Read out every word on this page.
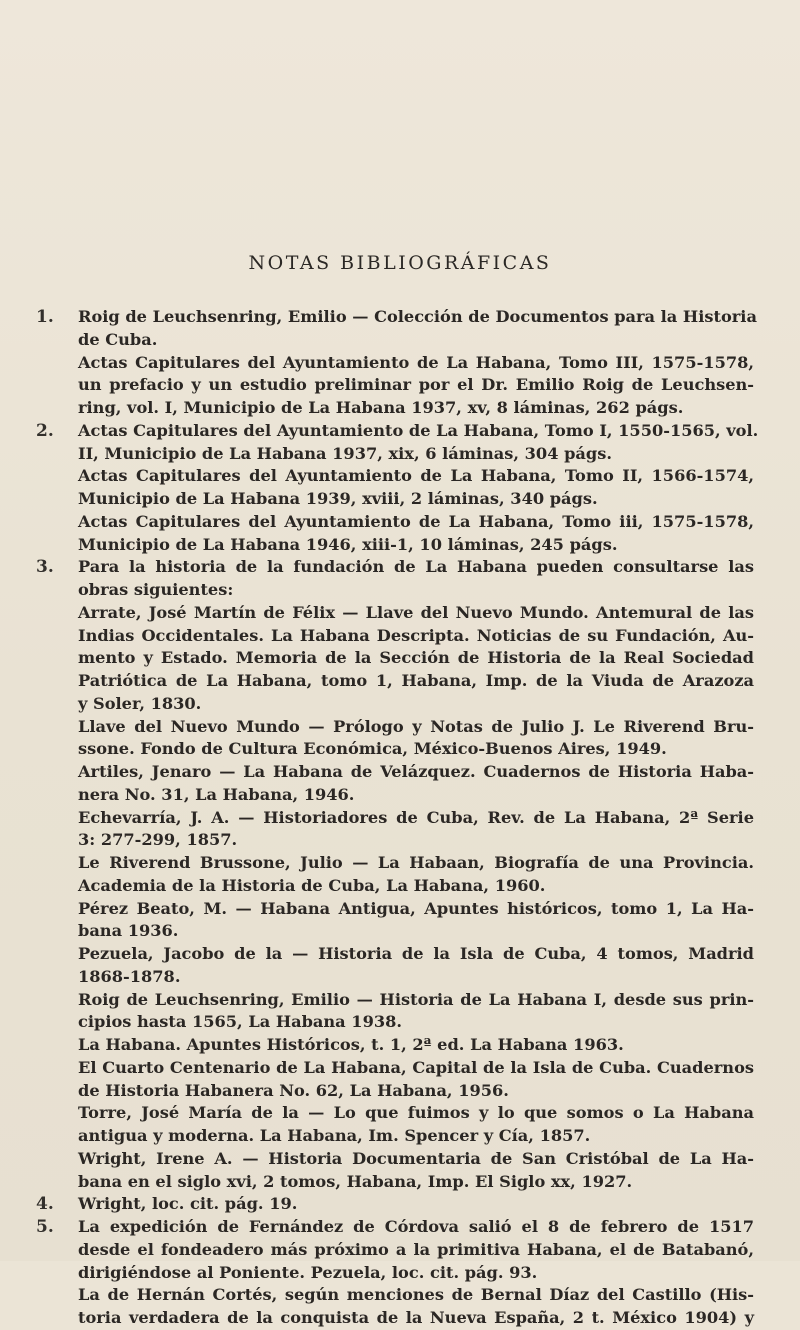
NOTAS BIBLIOGRÁFICAS
1.	Roig de Leuchsenring, Emilio — Colección de Documentos para la Historia
de Cuba.
Actas Capitulares del Ayuntamiento de La Habana, Tomo III, 1575-1578,
un prefacio y un estudio preliminar por el Dr. Emilio Roig de Leuchsen-
ring, vol. I, Municipio de La Habana 1937, xv, 8 láminas, 262 págs.
2.	Actas Capitulares del Ayuntamiento de La Habana, Tomo I, 1550-1565, vol.
II, Municipio de La Habana 1937, xix, 6 láminas, 304 págs.
Actas Capitulares del Ayuntamiento de La Habana, Tomo II, 1566-1574,
Municipio de La Habana 1939, xviii, 2 láminas, 340 págs.
Actas Capitulares del Ayuntamiento de La Habana, Tomo iii, 1575-1578,
Municipio de La Habana 1946, xiii-1, 10 láminas, 245 págs.
3.	Para la historia de la fundación de La Habana pueden consultarse las
obras siguientes:
Arrate, José Martín de Félix — Llave del Nuevo Mundo. Antemural de las
Indias Occidentales. La Habana Descripta. Noticias de su Fundación, Au-
mento y Estado. Memoria de la Sección de Historia de la Real Sociedad
Patriótica de La Habana, tomo 1, Habana, Imp. de la Viuda de Arazoza
y Soler, 1830.
Llave del Nuevo Mundo — Prólogo y Notas de Julio J. Le Riverend Bru-
ssone. Fondo de Cultura Económica, México-Buenos Aires, 1949.
Artiles, Jenaro — La Habana de Velázquez. Cuadernos de Historia Haba-
nera No. 31, La Habana, 1946.
Echevarría, J. A. — Historiadores de Cuba, Rev. de La Habana, 2ª Serie
3: 277-299, 1857.
Le Riverend Brussone, Julio — La Habaan, Biografía de una Provincia.
Academia de la Historia de Cuba, La Habana, 1960.
Pérez Beato, M. — Habana Antigua, Apuntes históricos, tomo 1, La Ha-
bana 1936.
Pezuela, Jacobo de la — Historia de la Isla de Cuba, 4 tomos, Madrid
1868-1878.
Roig de Leuchsenring, Emilio — Historia de La Habana I, desde sus prin-
cipios hasta 1565, La Habana 1938.
La Habana. Apuntes Históricos, t. 1, 2ª ed. La Habana 1963.
El Cuarto Centenario de La Habana, Capital de la Isla de Cuba. Cuadernos
de Historia Habanera No. 62, La Habana, 1956.
Torre, José María de la — Lo que fuimos y lo que somos o La Habana
antigua y moderna. La Habana, Im. Spencer y Cía, 1857.
Wright, Irene A. — Historia Documentaria de San Cristóbal de La Ha-
bana en el siglo xvi, 2 tomos, Habana, Imp. El Siglo xx, 1927.
4.	Wright, loc. cit. pág. 19.
5.	La expedición de Fernández de Córdova salió el 8 de febrero de 1517
desde el fondeadero más próximo a la primitiva Habana, el de Batabanó,
dirigiéndose al Poniente. Pezuela, loc. cit. pág. 93.
La de Hernán Cortés, según menciones de Bernal Díaz del Castillo (His-
toria verdadera de la conquista de la Nueva España, 2 t. México 1904) y
